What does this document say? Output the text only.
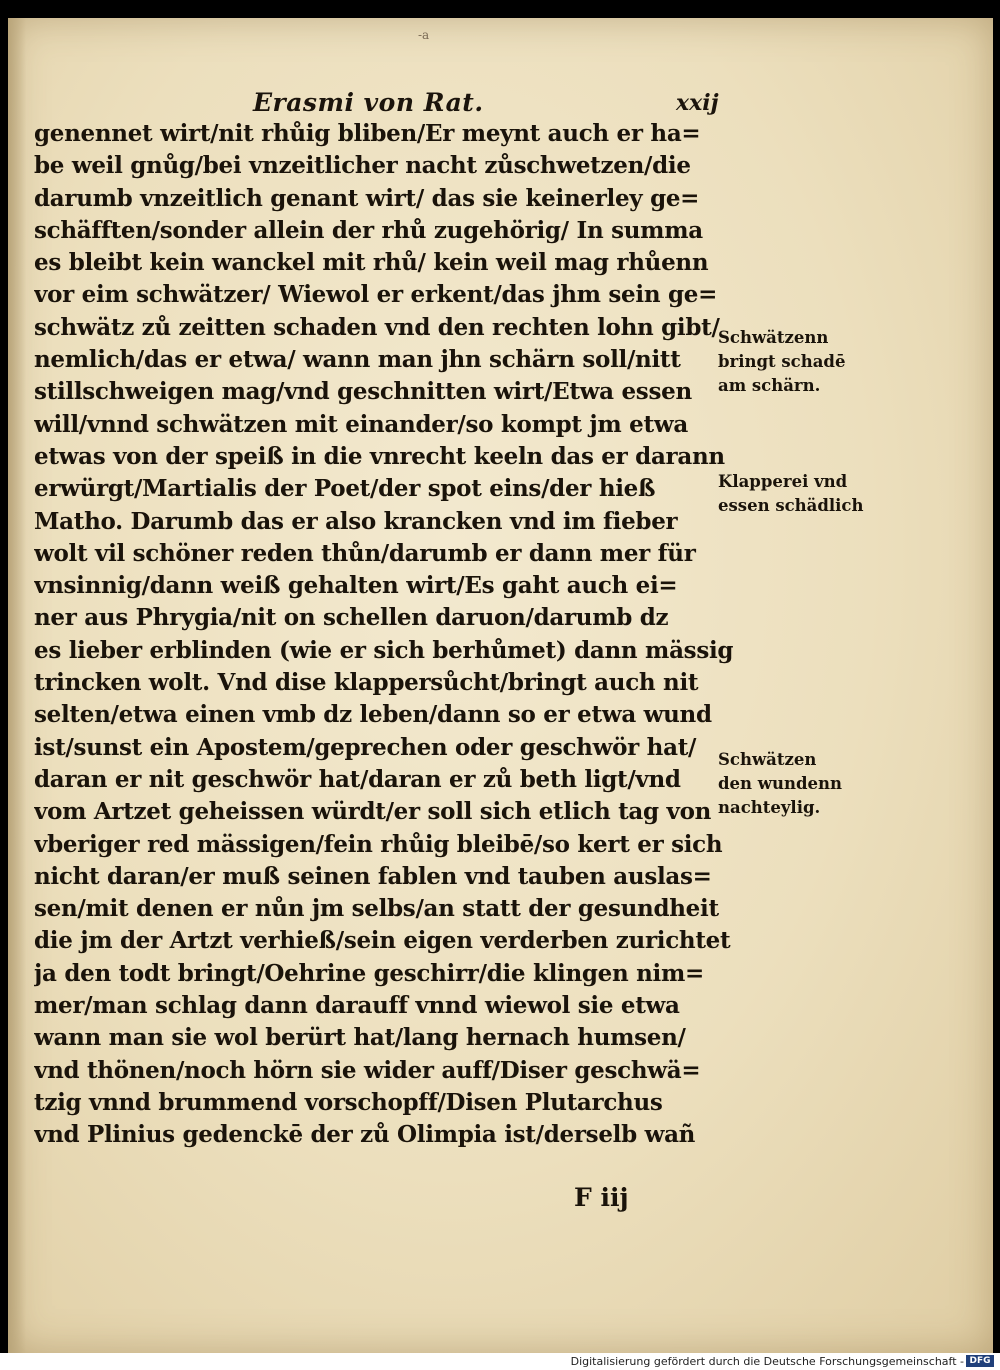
-a
Erasmi von Rat.	xxij
genennet wirt/nit rhůig bliben/Er meynt auch er ha=
be weil gnůg/bei vnzeitlicher nacht zůschwetzen/die
darumb vnzeitlich genant wirt/ das sie keinerley ge=
schäfften/sonder allein der rhů zugehörig/ In summa
es bleibt kein wanckel mit rhů/ kein weil mag rhůenn
vor eim schwätzer/ Wiewol er erkent/das jhm sein ge=
schwätz zů zeitten schaden vnd den rechten lohn gibt/
nemlich/das er etwa/ wann man jhn schärn soll/nitt
stillschweigen mag/vnd geschnitten wirt/Etwa essen
will/vnnd schwätzen mit einander/so kompt jm etwa
etwas von der speiß in die vnrecht keeln das er darann
erwürgt/Martialis der Poet/der spot eins/der hieß
Matho. Darumb das er also krancken vnd im fieber
wolt vil schöner reden thůn/darumb er dann mer für
vnsinnig/dann weiß gehalten wirt/Es gaht auch ei=
ner aus Phrygia/nit on schellen daruon/darumb dz
es lieber erblinden (wie er sich berhůmet) dann mässig
trincken wolt. Vnd dise klappersůcht/bringt auch nit
selten/etwa einen vmb dz leben/dann so er etwa wund
ist/sunst ein Apostem/geprechen oder geschwör hat/
daran er nit geschwör hat/daran er zů beth ligt/vnd
vom Artzet geheissen würdt/er soll sich etlich tag von
vberiger red mässigen/fein rhůig bleibē/so kert er sich
nicht daran/er muß seinen fablen vnd tauben auslas=
sen/mit denen er nůn jm selbs/an statt der gesundheit
die jm der Artzt verhieß/sein eigen verderben zurichtet
ja den todt bringt/Oehrine geschirr/die klingen nim=
mer/man schlag dann darauff vnnd wiewol sie etwa
wann man sie wol berürt hat/lang hernach humsen/
vnd thönen/noch hörn sie wider auff/Diser geschwä=
tzig vnnd brummend vorschopff/Disen Plutarchus
vnd Plinius gedenckē der zů Olimpia ist/derselb wañ
Schwätzenn
bringt schadē
am schärn.
Klapperei vnd
essen schädlich
Schwätzen
den wundenn
nachteylig.
F iij
Digitalisierung gefördert durch die Deutsche Forschungsgemeinschaft - DFG
